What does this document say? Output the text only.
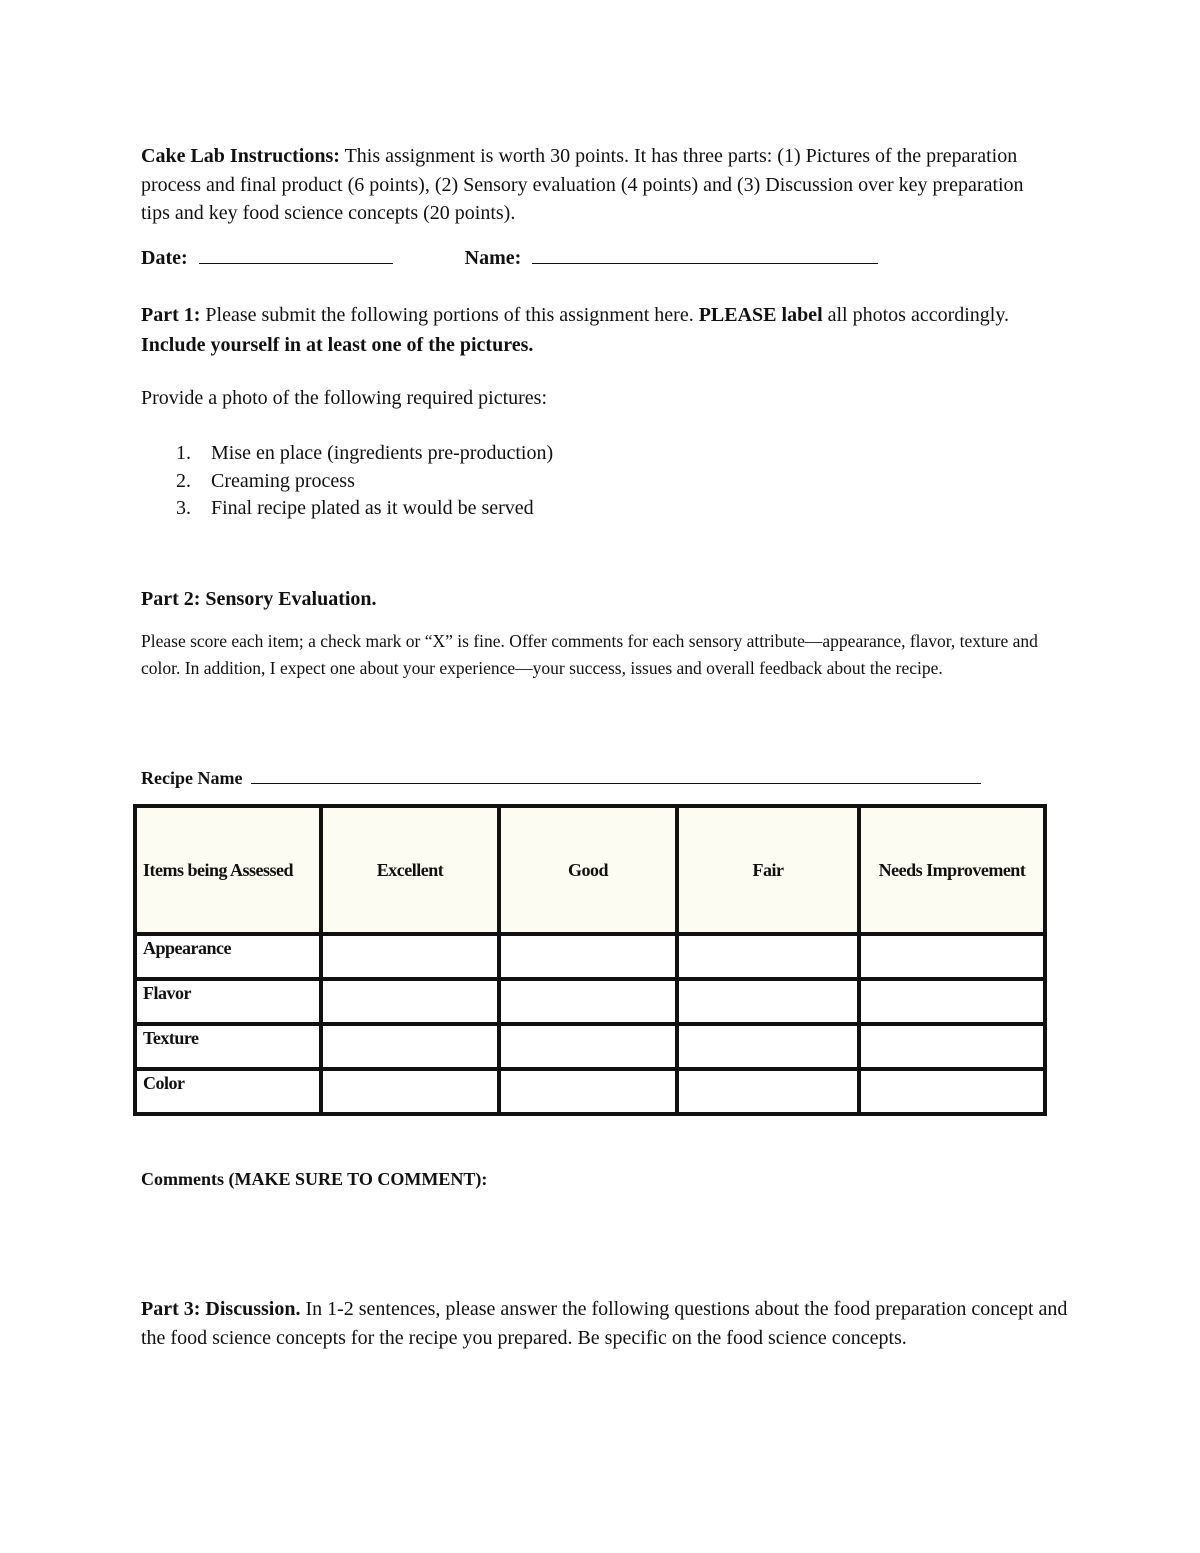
Cake Lab Instructions: This assignment is worth 30 points. It has three parts: (1) Pictures of the preparation process and final product (6 points), (2) Sensory evaluation (4 points) and (3) Discussion over key preparation tips and key food science concepts (20 points).
Date:	Name:
Part 1: Please submit the following portions of this assignment here. PLEASE label all photos accordingly. Include yourself in at least one of the pictures.
Provide a photo of the following required pictures:
1. Mise en place (ingredients pre-production)
2. Creaming process
3. Final recipe plated as it would be served
Part 2: Sensory Evaluation.
Please score each item; a check mark or “X” is fine. Offer comments for each sensory attribute—appearance, flavor, texture and color. In addition, I expect one about your experience—your success, issues and overall feedback about the recipe.
Recipe Name
Items being Assessed	Excellent	Good	Fair	Needs Improvement
Appearance				
Flavor				
Texture				
Color				
Comments (MAKE SURE TO COMMENT):
Part 3: Discussion. In 1-2 sentences, please answer the following questions about the food preparation concept and the food science concepts for the recipe you prepared. Be specific on the food science concepts.
